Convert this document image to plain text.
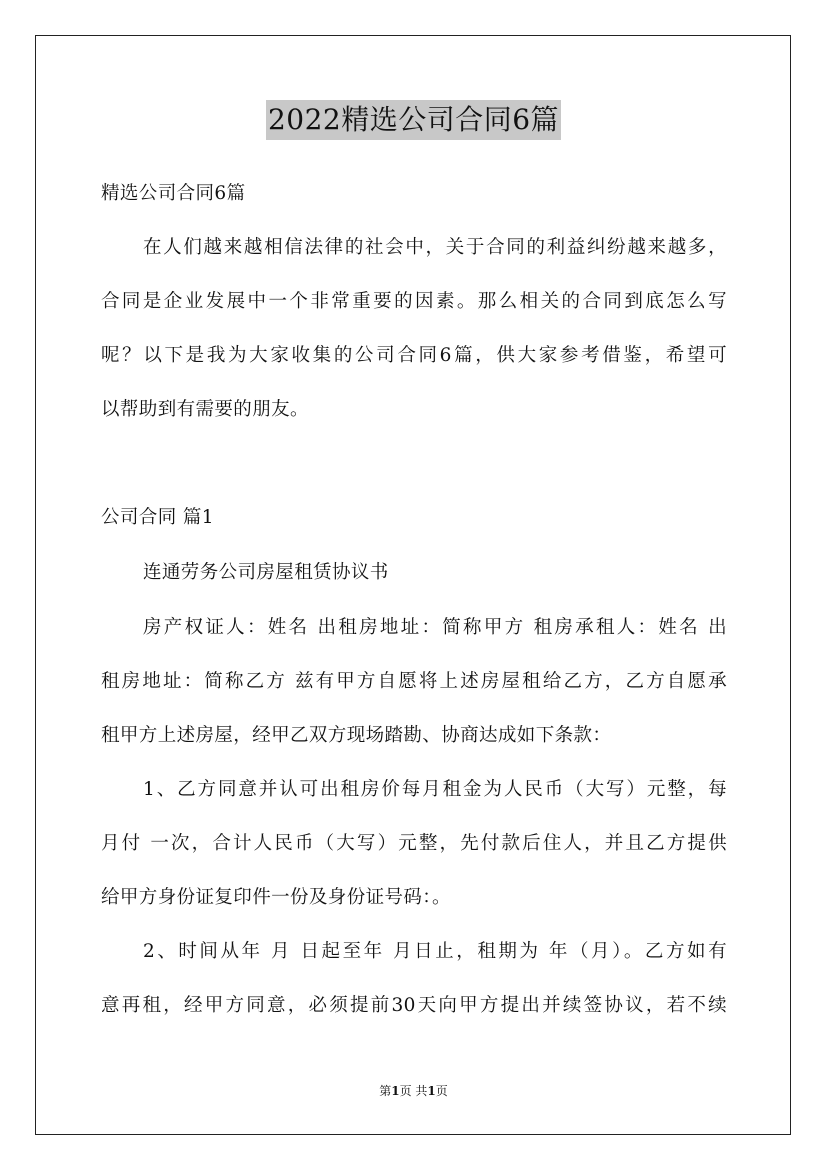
2022精选公司合同6篇
精选公司合同6篇
在人们越来越相信法律的社会中，关于合同的利益纠纷越来越多，
合同是企业发展中一个非常重要的因素。那么相关的合同到底怎么写
呢？以下是我为大家收集的公司合同6篇，供大家参考借鉴，希望可
以帮助到有需要的朋友。
公司合同 篇1
连通劳务公司房屋租赁协议书
房产权证人：姓名 出租房地址：简称甲方 租房承租人：姓名 出
租房地址：简称乙方 兹有甲方自愿将上述房屋租给乙方，乙方自愿承
租甲方上述房屋，经甲乙双方现场踏勘、协商达成如下条款：
1、乙方同意并认可出租房价每月租金为人民币（大写）元整，每
月付 一次，合计人民币（大写）元整，先付款后住人，并且乙方提供
给甲方身份证复印件一份及身份证号码：。
2、时间从年 月 日起至年 月日止，租期为 年（月）。乙方如有
意再租，经甲方同意，必须提前30天向甲方提出并续签协议，若不续
第1页 共1页
